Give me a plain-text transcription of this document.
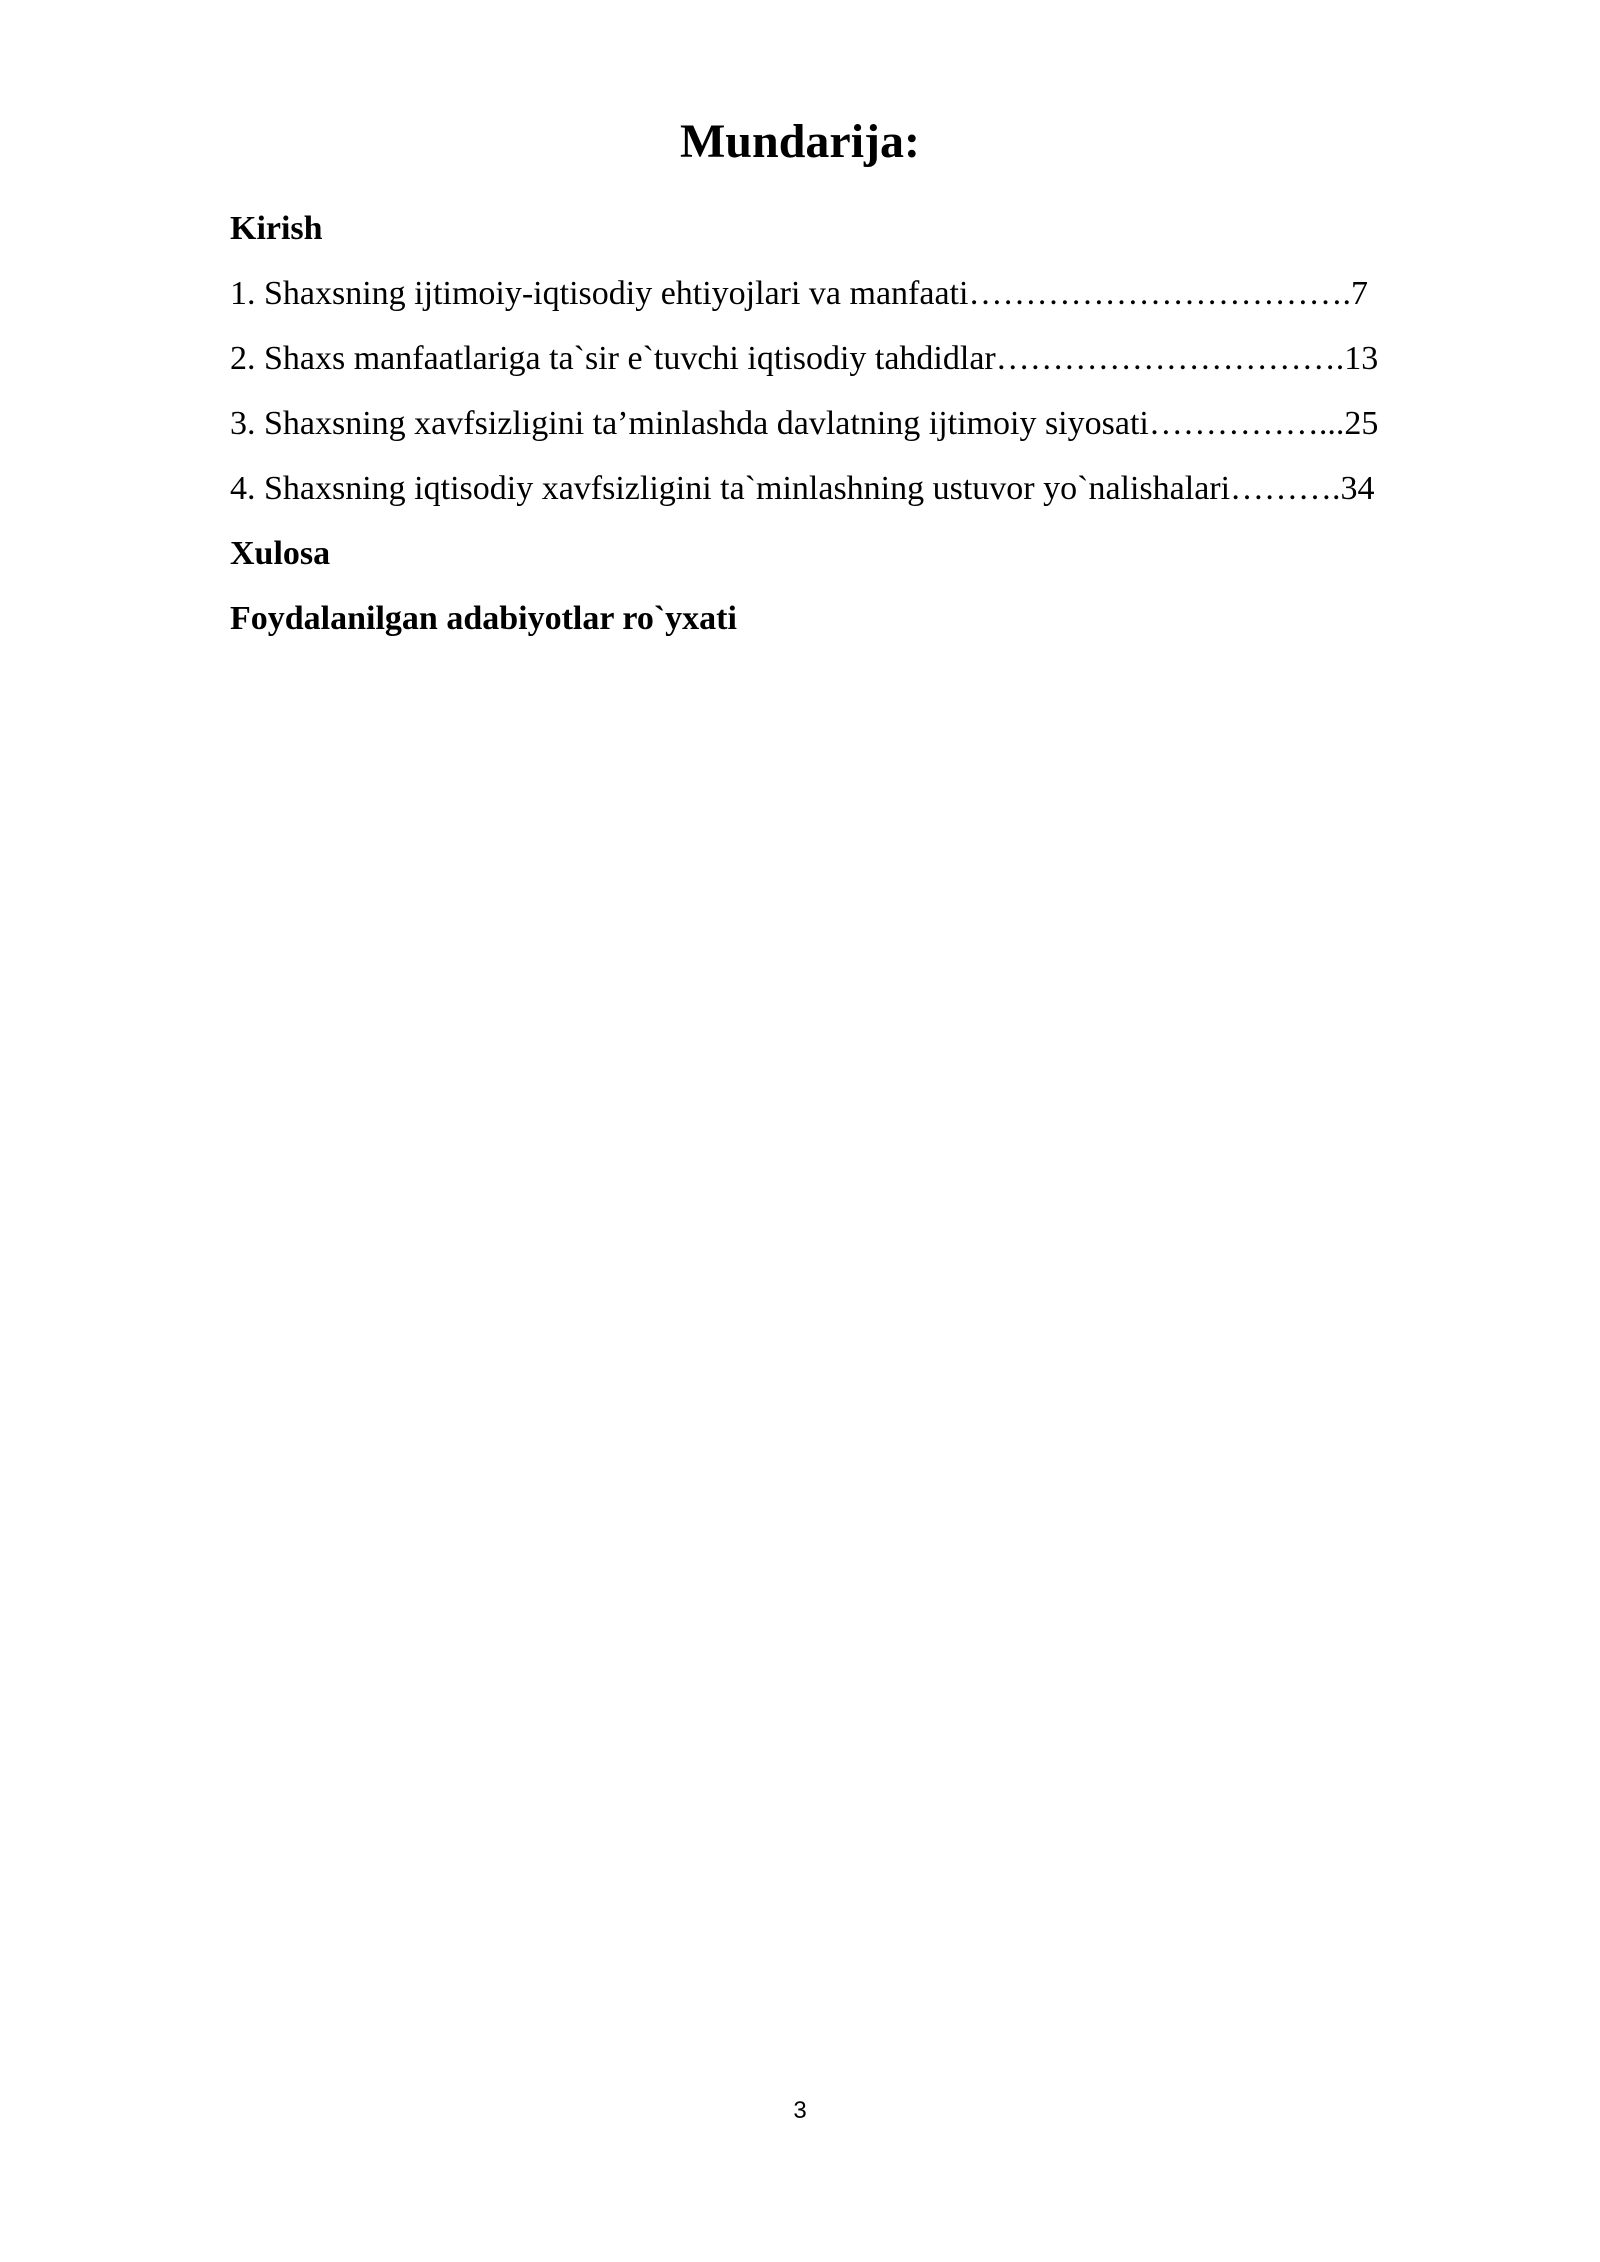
Mundarija:
Kirish
1. Shaxsning ijtimoiy-iqtisodiy ehtiyojlari va manfaati…………………………….7
2. Shaxs manfaatlariga ta`sir e`tuvchi iqtisodiy tahdidlar………………………….13
3. Shaxsning xavfsizligini ta’minlashda davlatning ijtimoiy siyosati……………...25
4. Shaxsning iqtisodiy xavfsizligini ta`minlashning ustuvor yo`nalishalari……….34
Xulosa
Foydalanilgan adabiyotlar ro`yxati
3
